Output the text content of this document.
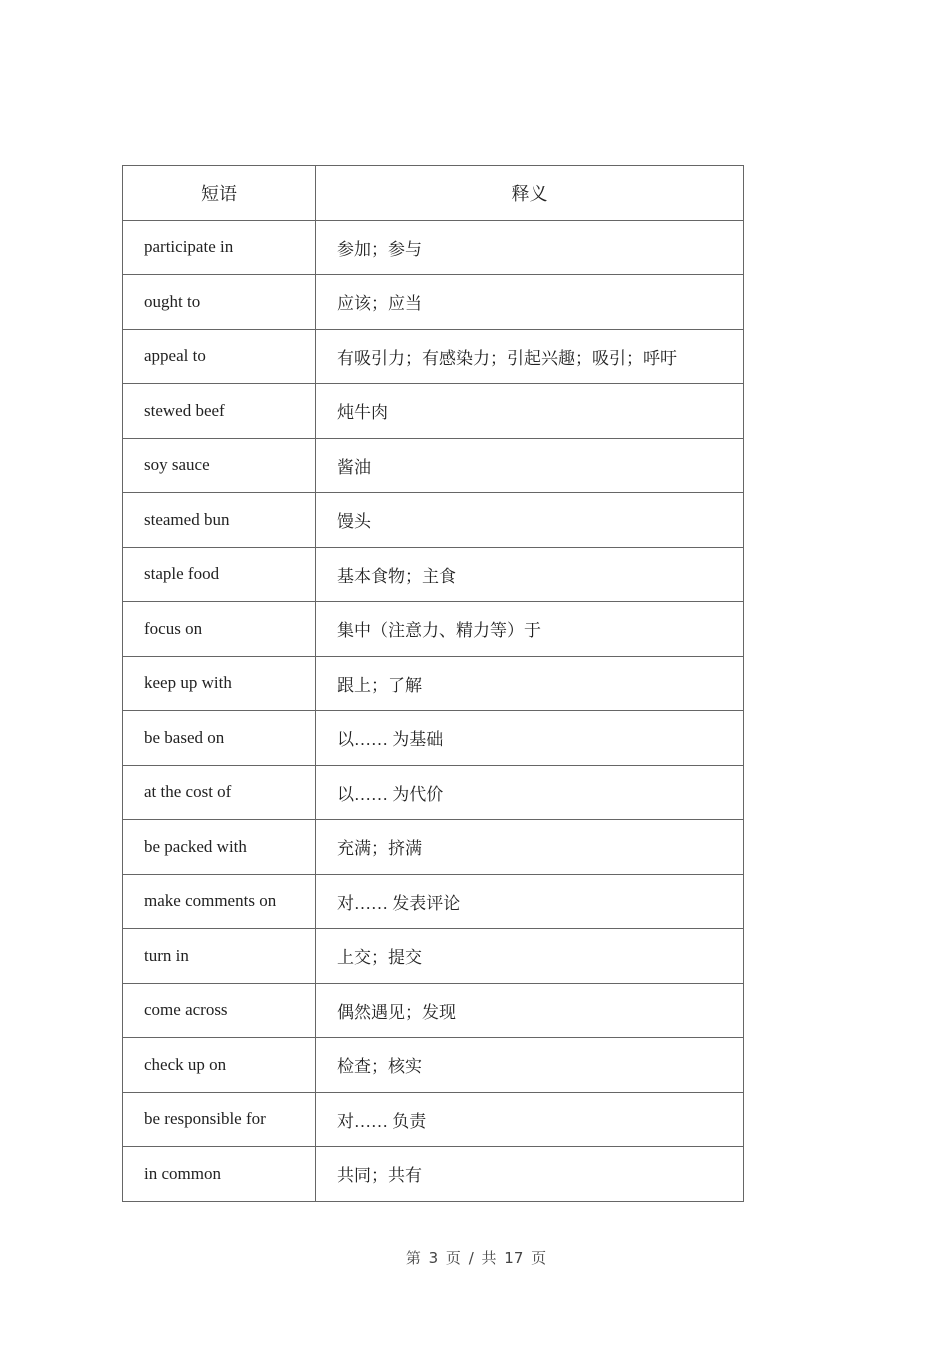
短语	释义
participate in	参加；参与
ought to	应该；应当
appeal to	有吸引力；有感染力；引起兴趣；吸引；呼吁
stewed beef	炖牛肉
soy sauce	酱油
steamed bun	馒头
staple food	基本食物；主食
focus on	集中（注意力、精力等）于
keep up with	跟上；了解
be based on	以…… 为基础
at the cost of	以…… 为代价
be packed with	充满；挤满
make comments on	对…… 发表评论
turn in	上交；提交
come across	偶然遇见；发现
check up on	检查；核实
be responsible for	对…… 负责
in common	共同；共有
第 3 页 / 共 17 页
